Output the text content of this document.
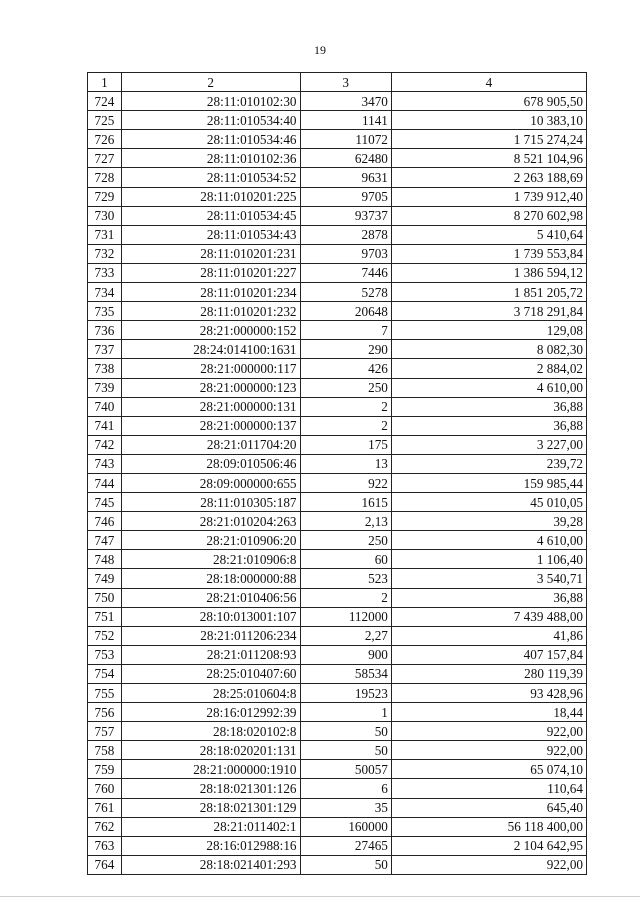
19
1	2	3	4
724	28:11:010102:30	3470	678 905,50
725	28:11:010534:40	1141	10 383,10
726	28:11:010534:46	11072	1 715 274,24
727	28:11:010102:36	62480	8 521 104,96
728	28:11:010534:52	9631	2 263 188,69
729	28:11:010201:225	9705	1 739 912,40
730	28:11:010534:45	93737	8 270 602,98
731	28:11:010534:43	2878	5 410,64
732	28:11:010201:231	9703	1 739 553,84
733	28:11:010201:227	7446	1 386 594,12
734	28:11:010201:234	5278	1 851 205,72
735	28:11:010201:232	20648	3 718 291,84
736	28:21:000000:152	7	129,08
737	28:24:014100:1631	290	8 082,30
738	28:21:000000:117	426	2 884,02
739	28:21:000000:123	250	4 610,00
740	28:21:000000:131	2	36,88
741	28:21:000000:137	2	36,88
742	28:21:011704:20	175	3 227,00
743	28:09:010506:46	13	239,72
744	28:09:000000:655	922	159 985,44
745	28:11:010305:187	1615	45 010,05
746	28:21:010204:263	2,13	39,28
747	28:21:010906:20	250	4 610,00
748	28:21:010906:8	60	1 106,40
749	28:18:000000:88	523	3 540,71
750	28:21:010406:56	2	36,88
751	28:10:013001:107	112000	7 439 488,00
752	28:21:011206:234	2,27	41,86
753	28:21:011208:93	900	407 157,84
754	28:25:010407:60	58534	280 119,39
755	28:25:010604:8	19523	93 428,96
756	28:16:012992:39	1	18,44
757	28:18:020102:8	50	922,00
758	28:18:020201:131	50	922,00
759	28:21:000000:1910	50057	65 074,10
760	28:18:021301:126	6	110,64
761	28:18:021301:129	35	645,40
762	28:21:011402:1	160000	56 118 400,00
763	28:16:012988:16	27465	2 104 642,95
764	28:18:021401:293	50	922,00
